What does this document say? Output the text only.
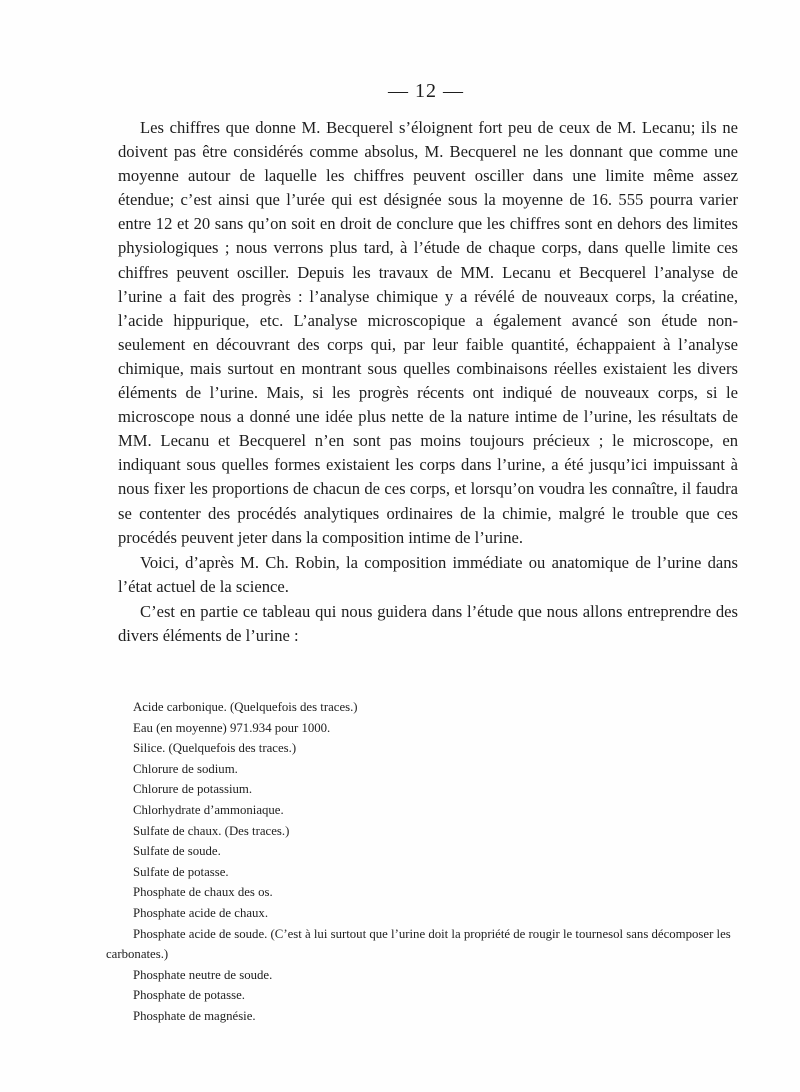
— 12 —

Les chiffres que donne M. Becquerel s’éloignent fort peu de ceux de M. Lecanu; ils ne doivent pas être considérés comme absolus, M. Becquerel ne les donnant que comme une moyenne autour de laquelle les chiffres peuvent osciller dans une limite même assez étendue; c’est ainsi que l’urée qui est désignée sous la moyenne de 16. 555 pourra varier entre 12 et 20 sans qu’on soit en droit de conclure que les chiffres sont en dehors des limites physiologiques ; nous verrons plus tard, à l’étude de chaque corps, dans quelle limite ces chiffres peuvent osciller. Depuis les travaux de MM. Lecanu et Becquerel l’analyse de l’urine a fait des progrès : l’analyse chimique y a révélé de nouveaux corps, la créatine, l’acide hippurique, etc. L’analyse microscopique a également avancé son étude non-seulement en découvrant des corps qui, par leur faible quantité, échappaient à l’analyse chimique, mais surtout en montrant sous quelles combinaisons réelles existaient les divers éléments de l’urine. Mais, si les progrès récents ont indiqué de nouveaux corps, si le microscope nous a donné une idée plus nette de la nature intime de l’urine, les résultats de MM. Lecanu et Becquerel n’en sont pas moins toujours précieux ; le microscope, en indiquant sous quelles formes existaient les corps dans l’urine, a été jusqu’ici impuissant à nous fixer les proportions de chacun de ces corps, et lorsqu’on voudra les connaître, il faudra se contenter des procédés analytiques ordinaires de la chimie, malgré le trouble que ces procédés peuvent jeter dans la composition intime de l’urine.

Voici, d’après M. Ch. Robin, la composition immédiate ou anatomique de l’urine dans l’état actuel de la science.

C’est en partie ce tableau qui nous guidera dans l’étude que nous allons entreprendre des divers éléments de l’urine :

Acide carbonique. (Quelquefois des traces.)
Eau (en moyenne) 971.934 pour 1000.
Silice. (Quelquefois des traces.)
Chlorure de sodium.
Chlorure de potassium.
Chlorhydrate d’ammoniaque.
Sulfate de chaux. (Des traces.)
Sulfate de soude.
Sulfate de potasse.
Phosphate de chaux des os.
Phosphate acide de chaux.
Phosphate acide de soude. (C’est à lui surtout que l’urine doit la propriété de rougir le tournesol sans décomposer les carbonates.)
Phosphate neutre de soude.
Phosphate de potasse.
Phosphate de magnésie.
